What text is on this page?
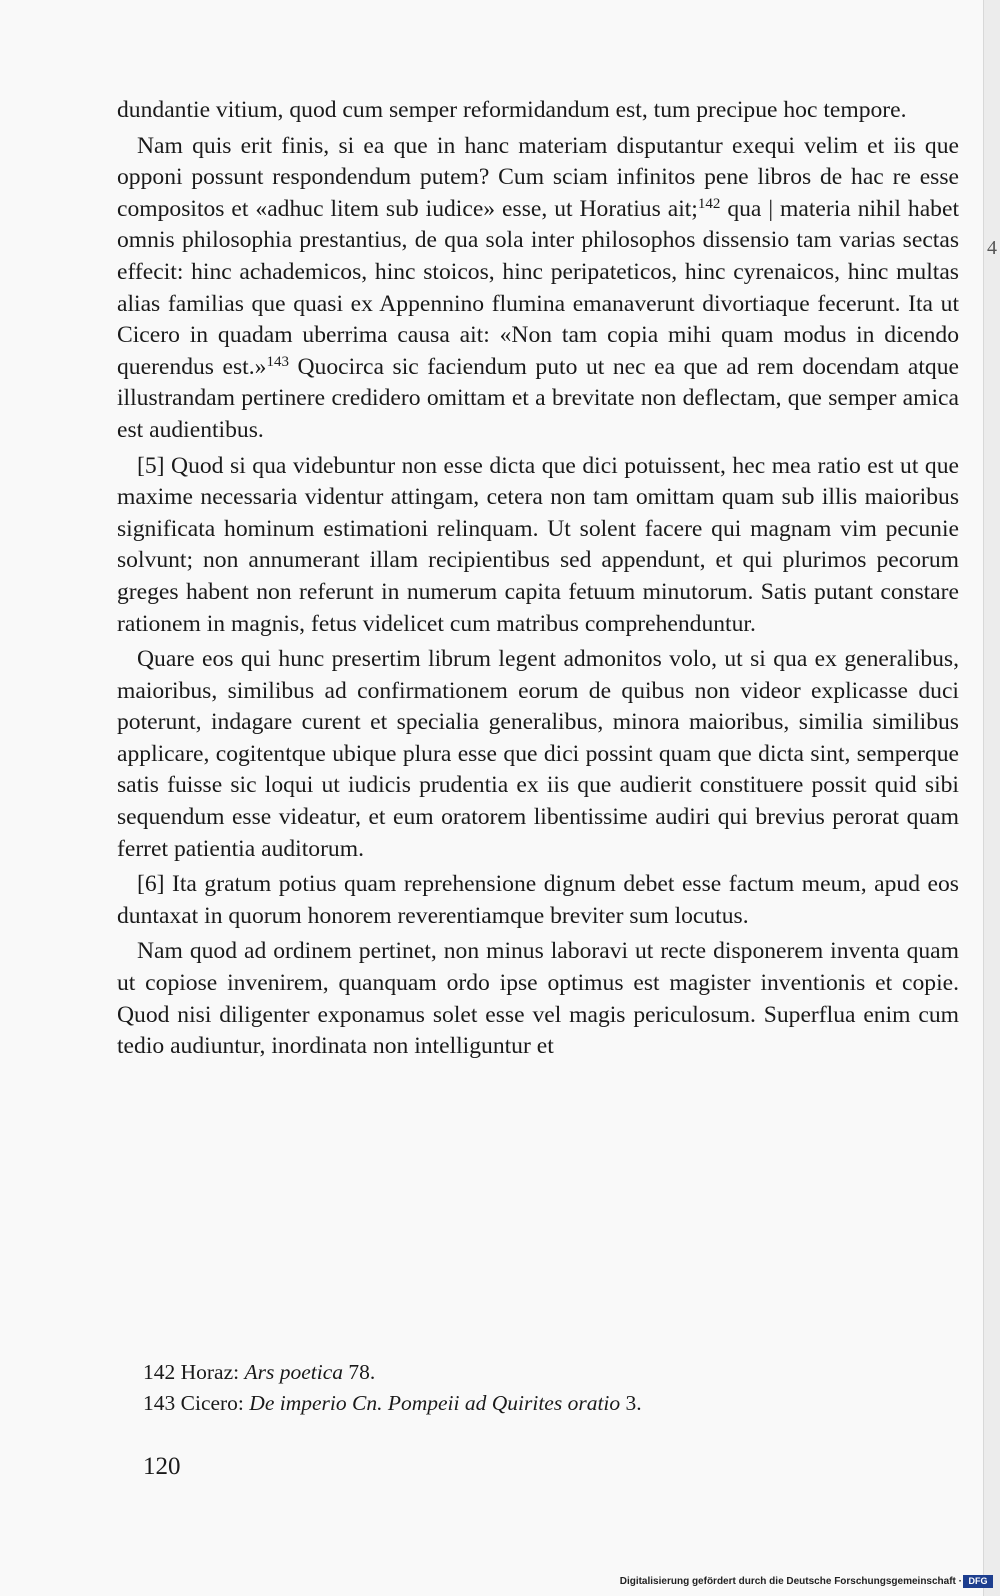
dundantie vitium, quod cum semper reformidandum est, tum precipue hoc tempore.

Nam quis erit finis, si ea que in hanc materiam disputantur exequi velim et iis que opponi possunt respondendum putem? Cum sciam infinitos pene libros de hac re esse compositos et «adhuc litem sub iudice» esse, ut Horatius ait;$^{142}$ qua | materia nihil habet omnis philosophia prestantius, de qua sola inter philosophos dissensio tam varias sectas effecit: hinc achademicos, hinc stoicos, hinc peripateticos, hinc cyrenaicos, hinc multas alias familias que quasi ex Appennino flumina emanaverunt divortiaque fecerunt. Ita ut Cicero in quadam uberrima causa ait: «Non tam copia mihi quam modus in dicendo querendus est.»$^{143}$ Quocirca sic faciendum puto ut nec ea que ad rem docendam atque illustrandam pertinere credidero omittam et a brevitate non deflectam, que semper amica est audientibus.

[5] Quod si qua videbuntur non esse dicta que dici potuissent, hec mea ratio est ut que maxime necessaria videntur attingam, cetera non tam omittam quam sub illis maioribus significata hominum estimationi relinquam. Ut solent facere qui magnam vim pecunie solvunt; non annumerant illam recipientibus sed appendunt, et qui plurimos pecorum greges habent non referunt in numerum capita fetuum minutorum. Satis putant constare rationem in magnis, fetus videlicet cum matribus comprehenduntur.

Quare eos qui hunc presertim librum legent admonitos volo, ut si qua ex generalibus, maioribus, similibus ad confirmationem eorum de quibus non videor explicasse duci poterunt, indagare curent et specialia generalibus, minora maioribus, similia similibus applicare, cogitentque ubique plura esse que dici possint quam que dicta sint, semperque satis fuisse sic loqui ut iudicis prudentia ex iis que audierit constituere possit quid sibi sequendum esse videatur, et eum oratorem libentissime audiri qui brevius perorat quam ferret patientia auditorum.

[6] Ita gratum potius quam reprehensione dignum debet esse factum meum, apud eos duntaxat in quorum honorem reverentiamque breviter sum locutus.

Nam quod ad ordinem pertinet, non minus laboravi ut recte disponerem inventa quam ut copiose invenirem, quanquam ordo ipse optimus est magister inventionis et copie. Quod nisi diligenter exponamus solet esse vel magis periculosum. Superflua enim cum tedio audiuntur, inordinata non intelliguntur et

142 Horaz: Ars poetica 78.
143 Cicero: De imperio Cn. Pompeii ad Quirites oratio 3.
120
4
Digitalisierung gefördert durch die Deutsche Forschungsgemeinschaft · DFG
